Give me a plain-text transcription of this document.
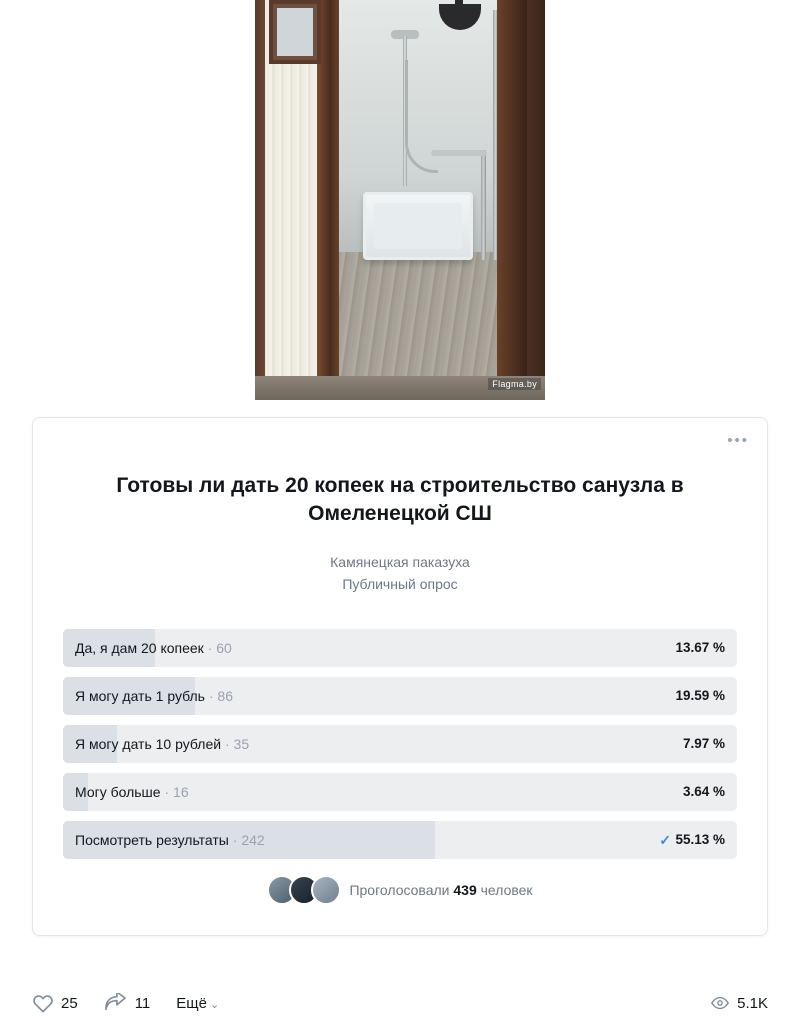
Flagma.by
•••
Готовы ли дать 20 копеек на строительство санузла в Омеленецкой СШ
Камянецкая паказуха
Публичный опрос
Да, я дам 20 копеек · 60	13.67 %
Я могу дать 1 рубль · 86	19.59 %
Я могу дать 10 рублей · 35	7.97 %
Могу больше · 16	3.64 %
Посмотреть результаты · 242	✓ 55.13 %
Проголосовали 439 человек
25	11 Ещё ⌄	5.1K
